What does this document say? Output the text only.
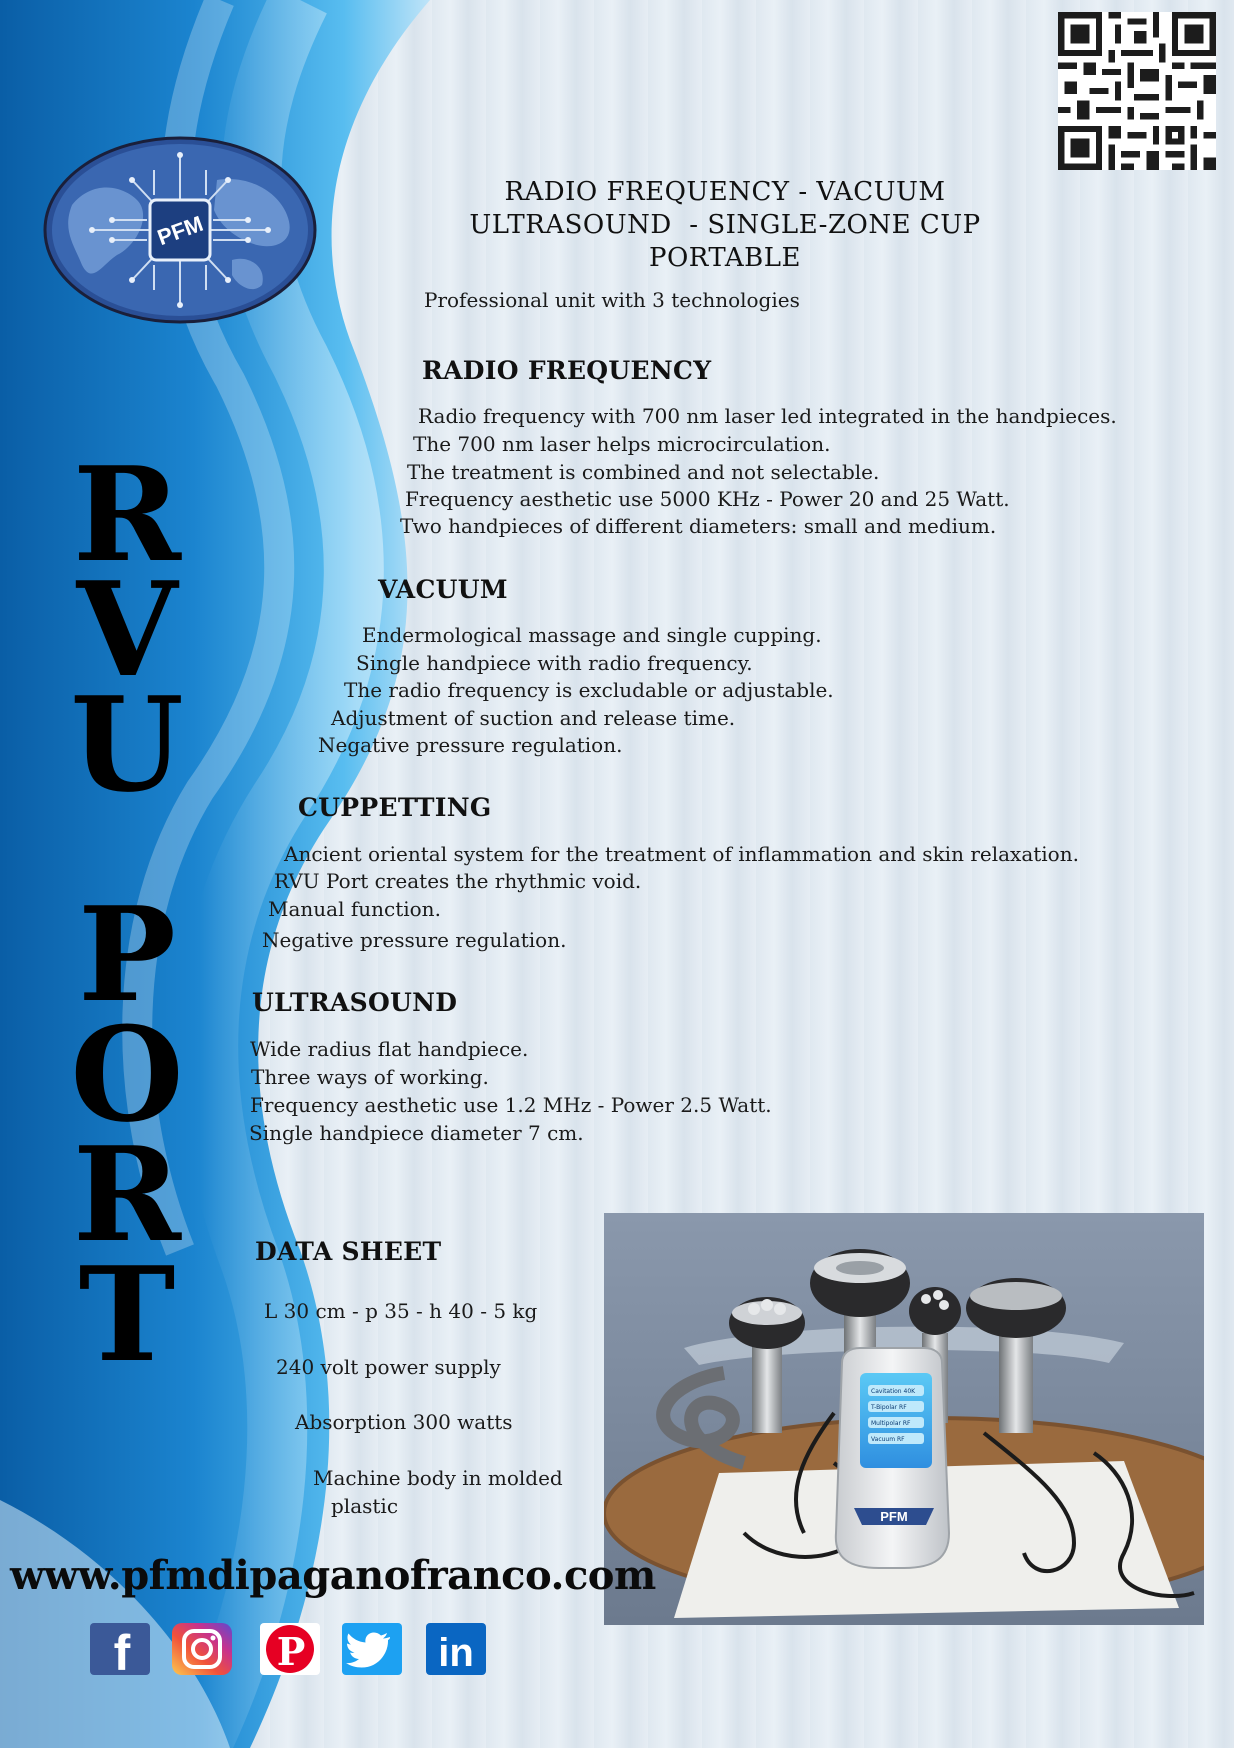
PFM
R
V
U
P
O
R
T
RADIO FREQUENCY - VACUUM
ULTRASOUND  - SINGLE-ZONE CUP
PORTABLE
Professional unit with 3 technologies
RADIO FREQUENCY
Radio frequency with 700 nm laser led integrated in the handpieces.
The 700 nm laser helps microcirculation.
The treatment is combined and not selectable.
Frequency aesthetic use 5000 KHz - Power 20 and 25 Watt.
Two handpieces of different diameters: small and medium.
VACUUM
Endermological massage and single cupping.
Single handpiece with radio frequency.
The radio frequency is excludable or adjustable.
Adjustment of suction and release time.
Negative pressure regulation.
CUPPETTING
Ancient oriental system for the treatment of inflammation and skin relaxation.
RVU Port creates the rhythmic void.
Manual function.
Negative pressure regulation.
ULTRASOUND
Wide radius flat handpiece.
Three ways of working.
Frequency aesthetic use 1.2 MHz - Power 2.5 Watt.
Single handpiece diameter 7 cm.
DATA SHEET
L 30 cm - p 35 - h 40 - 5 kg
240 volt power supply
Absorption 300 watts
Machine body in molded
plastic
Cavitation 40K
T-Bipolar RF
Multipolar RF
Vacuum RF
PFM
www.pfmdipaganofranco.com
f	P	in
